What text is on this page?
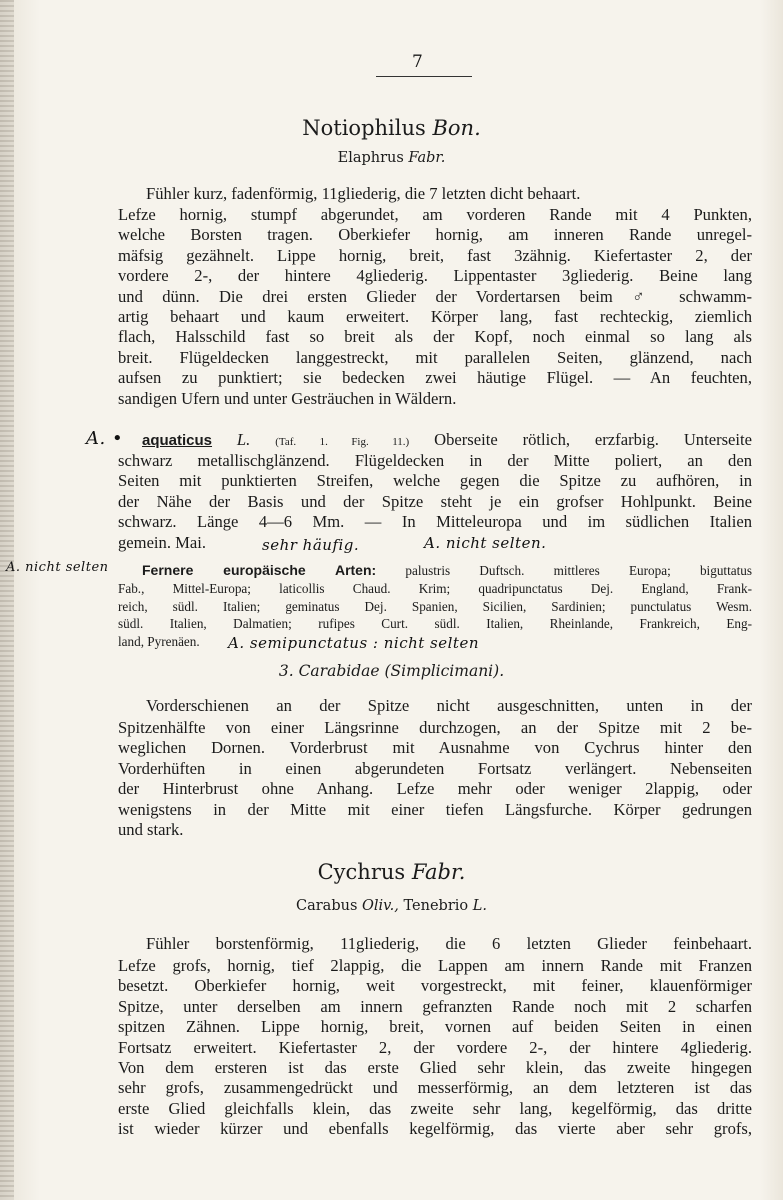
7
Notiophilus Bon.
Elaphrus Fabr.
Fühler kurz, fadenförmig, 11gliederig, die 7 letzten dicht behaart.
Lefze hornig, stumpf abgerundet, am vorderen Rande mit 4 Punkten,
welche Borsten tragen. Oberkiefer hornig, am inneren Rande unregel-
mäfsig gezähnelt. Lippe hornig, breit, fast 3zähnig. Kiefertaster 2, der
vordere 2-, der hintere 4gliederig. Lippentaster 3gliederig. Beine lang
und dünn. Die drei ersten Glieder der Vordertarsen beim ♂ schwamm-
artig behaart und kaum erweitert. Körper lang, fast rechteckig, ziemlich
flach, Halsschild fast so breit als der Kopf, noch einmal so lang als
breit. Flügeldecken langgestreckt, mit parallelen Seiten, glänzend, nach
aufsen zu punktiert; sie bedecken zwei häutige Flügel. — An feuchten,
sandigen Ufern und unter Gesträuchen in Wäldern.
A. • aquaticus L. (Taf. 1. Fig. 11.) Oberseite rötlich, erzfarbig. Unterseite
schwarz metallischglänzend. Flügeldecken in der Mitte poliert, an den
Seiten mit punktierten Streifen, welche gegen die Spitze zu aufhören, in
der Nähe der Basis und der Spitze steht je ein grofser Hohlpunkt. Beine
schwarz. Länge 4—6 Mm. — In Mitteleuropa und im südlichen Italien
gemein. Mai.	sehr häufig.	A. nicht selten.
A. nicht selten Fernere europäische Arten: palustris Duftsch. mittleres Europa; biguttatus
Fab., Mittel-Europa; laticollis Chaud. Krim; quadripunctatus Dej. England, Frank-
reich, südl. Italien; geminatus Dej. Spanien, Sicilien, Sardinien; punctulatus Wesm.
südl. Italien, Dalmatien; rufipes Curt. südl. Italien, Rheinlande, Frankreich, Eng-
land, Pyrenäen.	A. semipunctatus : nicht selten
3. Carabidae (Simplicimani).
Vorderschienen an der Spitze nicht ausgeschnitten, unten in der
Spitzenhälfte von einer Längsrinne durchzogen, an der Spitze mit 2 be-
weglichen Dornen. Vorderbrust mit Ausnahme von Cychrus hinter den
Vorderhüften in einen abgerundeten Fortsatz verlängert. Nebenseiten
der Hinterbrust ohne Anhang. Lefze mehr oder weniger 2lappig, oder
wenigstens in der Mitte mit einer tiefen Längsfurche. Körper gedrungen
und stark.
Cychrus Fabr.
Carabus Oliv., Tenebrio L.
Fühler borstenförmig, 11gliederig, die 6 letzten Glieder feinbehaart.
Lefze grofs, hornig, tief 2lappig, die Lappen am innern Rande mit Franzen
besetzt. Oberkiefer hornig, weit vorgestreckt, mit feiner, klauenförmiger
Spitze, unter derselben am innern gefranzten Rande noch mit 2 scharfen
spitzen Zähnen. Lippe hornig, breit, vornen auf beiden Seiten in einen
Fortsatz erweitert. Kiefertaster 2, der vordere 2-, der hintere 4gliederig.
Von dem ersteren ist das erste Glied sehr klein, das zweite hingegen
sehr grofs, zusammengedrückt und messerförmig, an dem letzteren ist das
erste Glied gleichfalls klein, das zweite sehr lang, kegelförmig, das dritte
ist wieder kürzer und ebenfalls kegelförmig, das vierte aber sehr grofs,
